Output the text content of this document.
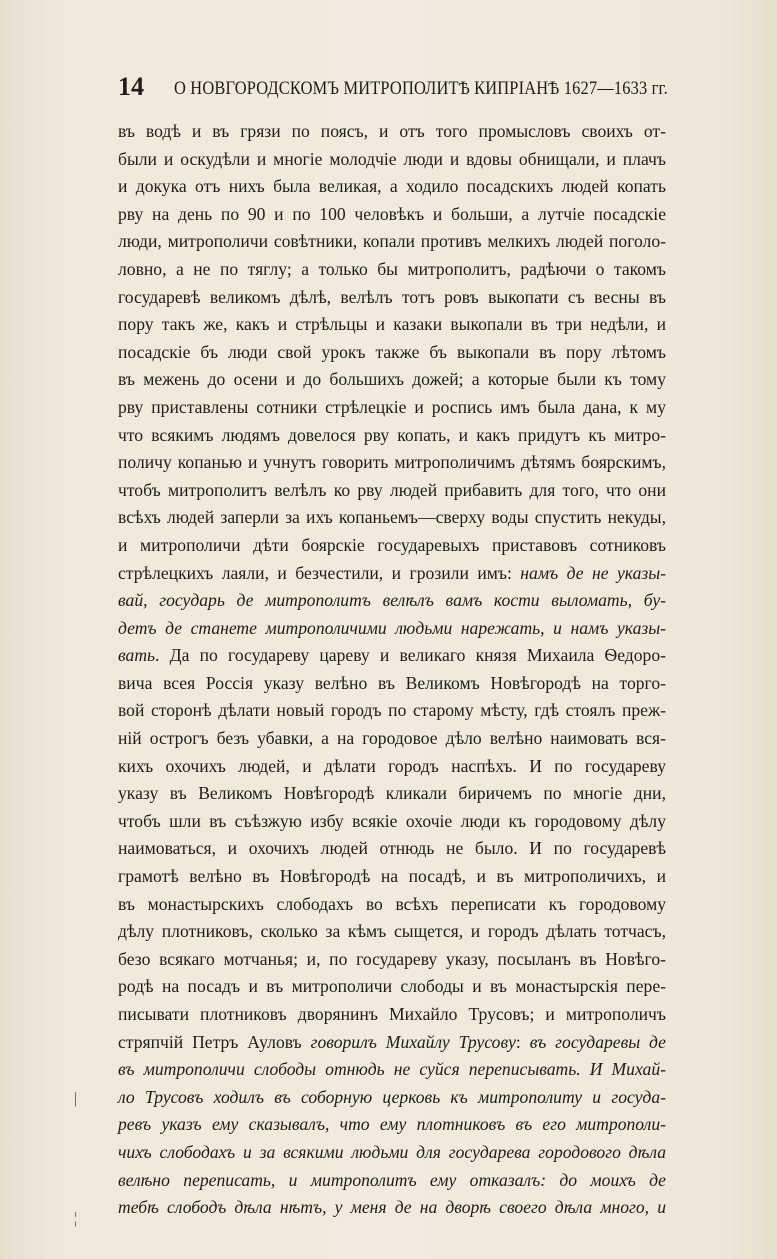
14 О НОВГОРОДСКОМЪ МИТРОПОЛИТѢ КИПРІАНѢ 1627—1633 гг.
въ водѣ и въ грязи по поясъ, и отъ того промысловъ своихъ от-
были и оскудѣли и многіе молодчіе люди и вдовы обнищали, и плачъ
и докука отъ нихъ была великая, а ходило посадскихъ людей копать
рву на день по 90 и по 100 человѣкъ и больши, а лутчіе посадскіе
люди, митрополичи совѣтники, копали противъ мелкихъ людей поголо-
ловно, а не по тяглу; а только бы митрополитъ, радѣючи о такомъ
государевѣ великомъ дѣлѣ, велѣлъ тотъ ровъ выкопати съ весны въ
пору такъ же, какъ и стрѣльцы и казаки выкопали въ три недѣли, и
посадскіе бъ люди свой урокъ также бъ выкопали въ пору лѣтомъ
въ межень до осени и до большихъ дожей; а которые были къ тому
рву приставлены сотники стрѣлецкіе и роспись имъ была дана, к му
что всякимъ людямъ довелося рву копать, и какъ придутъ къ митро-
поличу копанью и учнутъ говорить митрополичимъ дѣтямъ боярскимъ,
чтобъ митрополитъ велѣлъ ко рву людей прибавить для того, что они
всѣхъ людей заперли за ихъ копаньемъ—сверху воды спустить некуды,
и митрополичи дѣти боярскіе государевыхъ приставовъ сотниковъ
стрѣлецкихъ лаяли, и безчестили, и грозили имъ: намъ де не указы-
вай, государь де митрополитъ велѣлъ вамъ кости выломать, бу-
детъ де станете митрополичими людьми нарежать, и намъ указы-
вать. Да по государеву цареву и великаго князя Михаила Ѳедоро-
вича всея Россія указу велѣно въ Великомъ Новѣгородѣ на торго-
вой сторонѣ дѣлати новый городъ по старому мѣсту, гдѣ стоялъ преж-
ній острогъ безъ убавки, а на городовое дѣло велѣно наимовать вся-
кихъ охочихъ людей, и дѣлати городъ наспѣхъ. И по государеву
указу въ Великомъ Новѣгородѣ кликали биричемъ по многіе дни,
чтобъ шли въ съѣзжую избу всякіе охочіе люди къ городовому дѣлу
наимоваться, и охочихъ людей отнюдь не было. И по государевѣ
грамотѣ велѣно въ Новѣгородѣ на посадѣ, и въ митрополичихъ, и
въ монастырскихъ слободахъ во всѣхъ переписати къ городовому
дѣлу плотниковъ, сколько за кѣмъ сыщется, и городъ дѣлать тотчасъ,
безо всякаго мотчанья; и, по государеву указу, посыланъ въ Новѣго-
родѣ на посадъ и въ митрополичи слободы и въ монастырскія пере-
писывати плотниковъ дворянинъ Михайло Трусовъ; и митрополичъ
стряпчій Петръ Ауловъ говорилъ Михайлу Трусову: въ государевы де
въ митрополичи слободы отнюдь не суйся переписывать. И Михай-
ло Трусовъ ходилъ въ соборную церковь къ митрополиту и госуда-
ревъ указъ ему сказывалъ, что ему плотниковъ въ его митрополи-
чихъ слободахъ и за всякими людьми для государева городового дѣла
велѣно переписать, и митрополитъ ему отказалъ: до моихъ де
тебѣ слободъ дѣла нѣтъ, у меня де на дворѣ своего дѣла много, и
|
¦
